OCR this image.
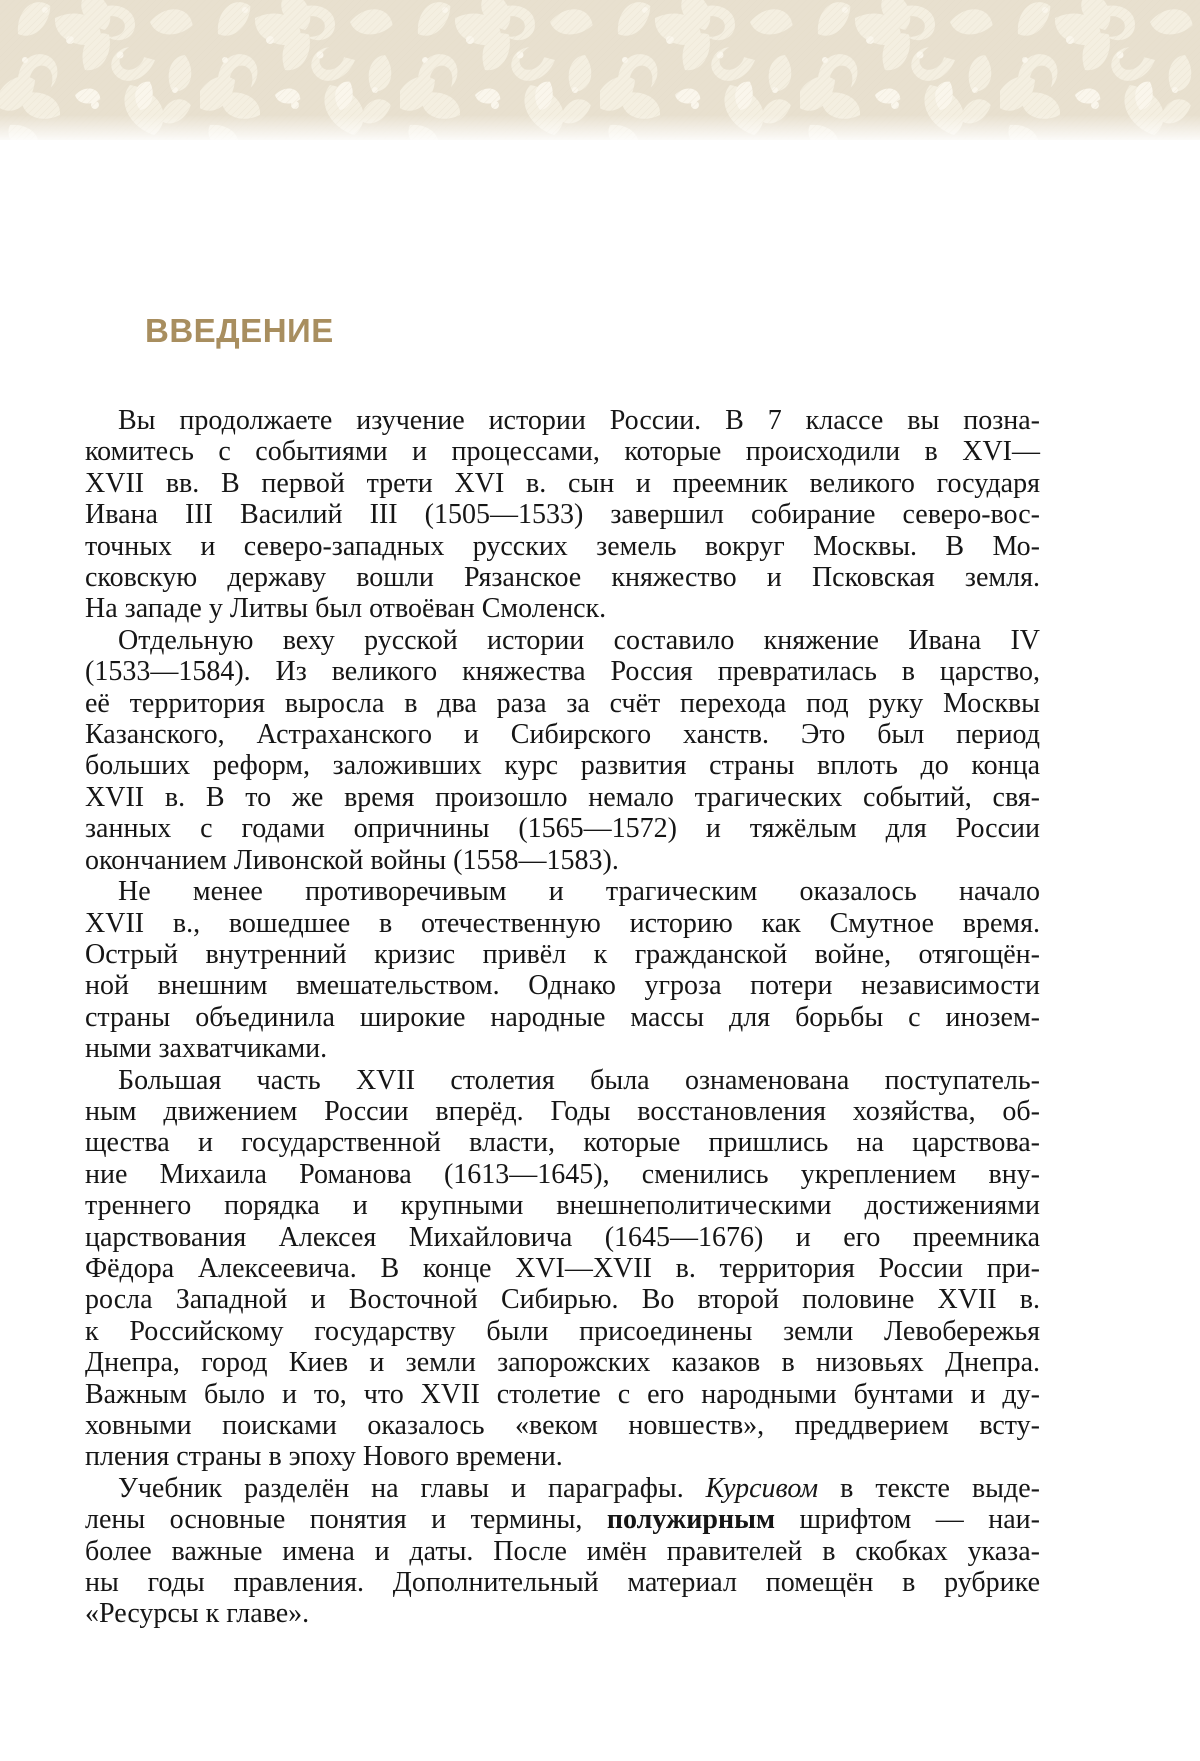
ВВЕДЕНИЕ
Вы продолжаете изучение истории России. В 7 классе вы позна-
комитесь с событиями и процессами, которые происходили в XVI—
XVII вв. В первой трети XVI в. сын и преемник великого государя
Ивана III Василий III (1505—1533) завершил собирание северо-вос-
точных и северо-западных русских земель вокруг Москвы. В Мо-
сковскую державу вошли Рязанское княжество и Псковская земля.
На западе у Литвы был отвоёван Смоленск.
Отдельную веху русской истории составило княжение Ивана IV
(1533—1584). Из великого княжества Россия превратилась в царство,
её территория выросла в два раза за счёт перехода под руку Москвы
Казанского, Астраханского и Сибирского ханств. Это был период
больших реформ, заложивших курс развития страны вплоть до конца
XVII в. В то же время произошло немало трагических событий, свя-
занных с годами опричнины (1565—1572) и тяжёлым для России
окончанием Ливонской войны (1558—1583).
Не менее противоречивым и трагическим оказалось начало
XVII в., вошедшее в отечественную историю как Смутное время.
Острый внутренний кризис привёл к гражданской войне, отягощён-
ной внешним вмешательством. Однако угроза потери независимости
страны объединила широкие народные массы для борьбы с инозем-
ными захватчиками.
Большая часть XVII столетия была ознаменована поступатель-
ным движением России вперёд. Годы восстановления хозяйства, об-
щества и государственной власти, которые пришлись на царствова-
ние Михаила Романова (1613—1645), сменились укреплением вну-
треннего порядка и крупными внешнеполитическими достижениями
царствования Алексея Михайловича (1645—1676) и его преемника
Фёдора Алексеевича. В конце XVI—XVII в. территория России при-
росла Западной и Восточной Сибирью. Во второй половине XVII в.
к Российскому государству были присоединены земли Левобережья
Днепра, город Киев и земли запорожских казаков в низовьях Днепра.
Важным было и то, что XVII столетие с его народными бунтами и ду-
ховными поисками оказалось «веком новшеств», преддверием всту-
пления страны в эпоху Нового времени.
Учебник разделён на главы и параграфы. Курсивом в тексте выде-
лены основные понятия и термины, полужирным шрифтом — наи-
более важные имена и даты. После имён правителей в скобках указа-
ны годы правления. Дополнительный материал помещён в рубрике
«Ресурсы к главе».
